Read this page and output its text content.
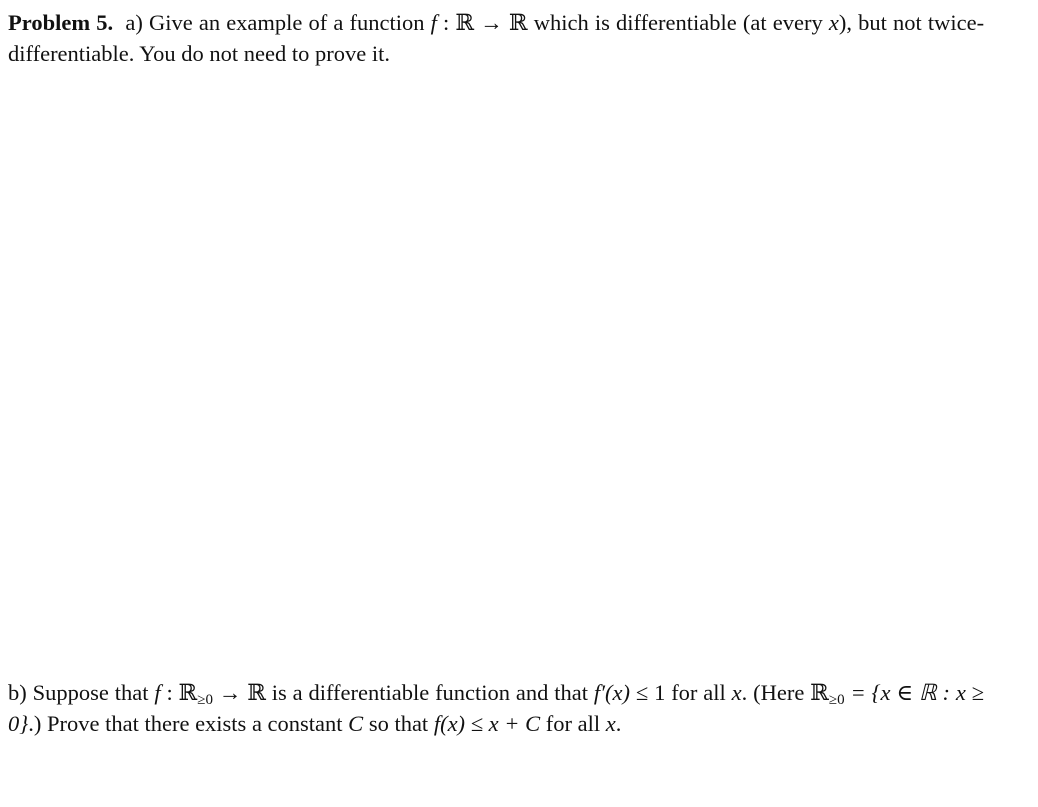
Problem 5. a) Give an example of a function f : ℝ → ℝ which is differentiable (at every x), but not twice-differentiable. You do not need to prove it.

b) Suppose that f : ℝ$_{\ge 0}$ → ℝ is a differentiable function and that f′(x) ≤ 1 for all x. (Here ℝ$_{\ge 0}$ = {x ∈ ℝ : x ≥ 0}.) Prove that there exists a constant C so that f(x) ≤ x + C for all x.
